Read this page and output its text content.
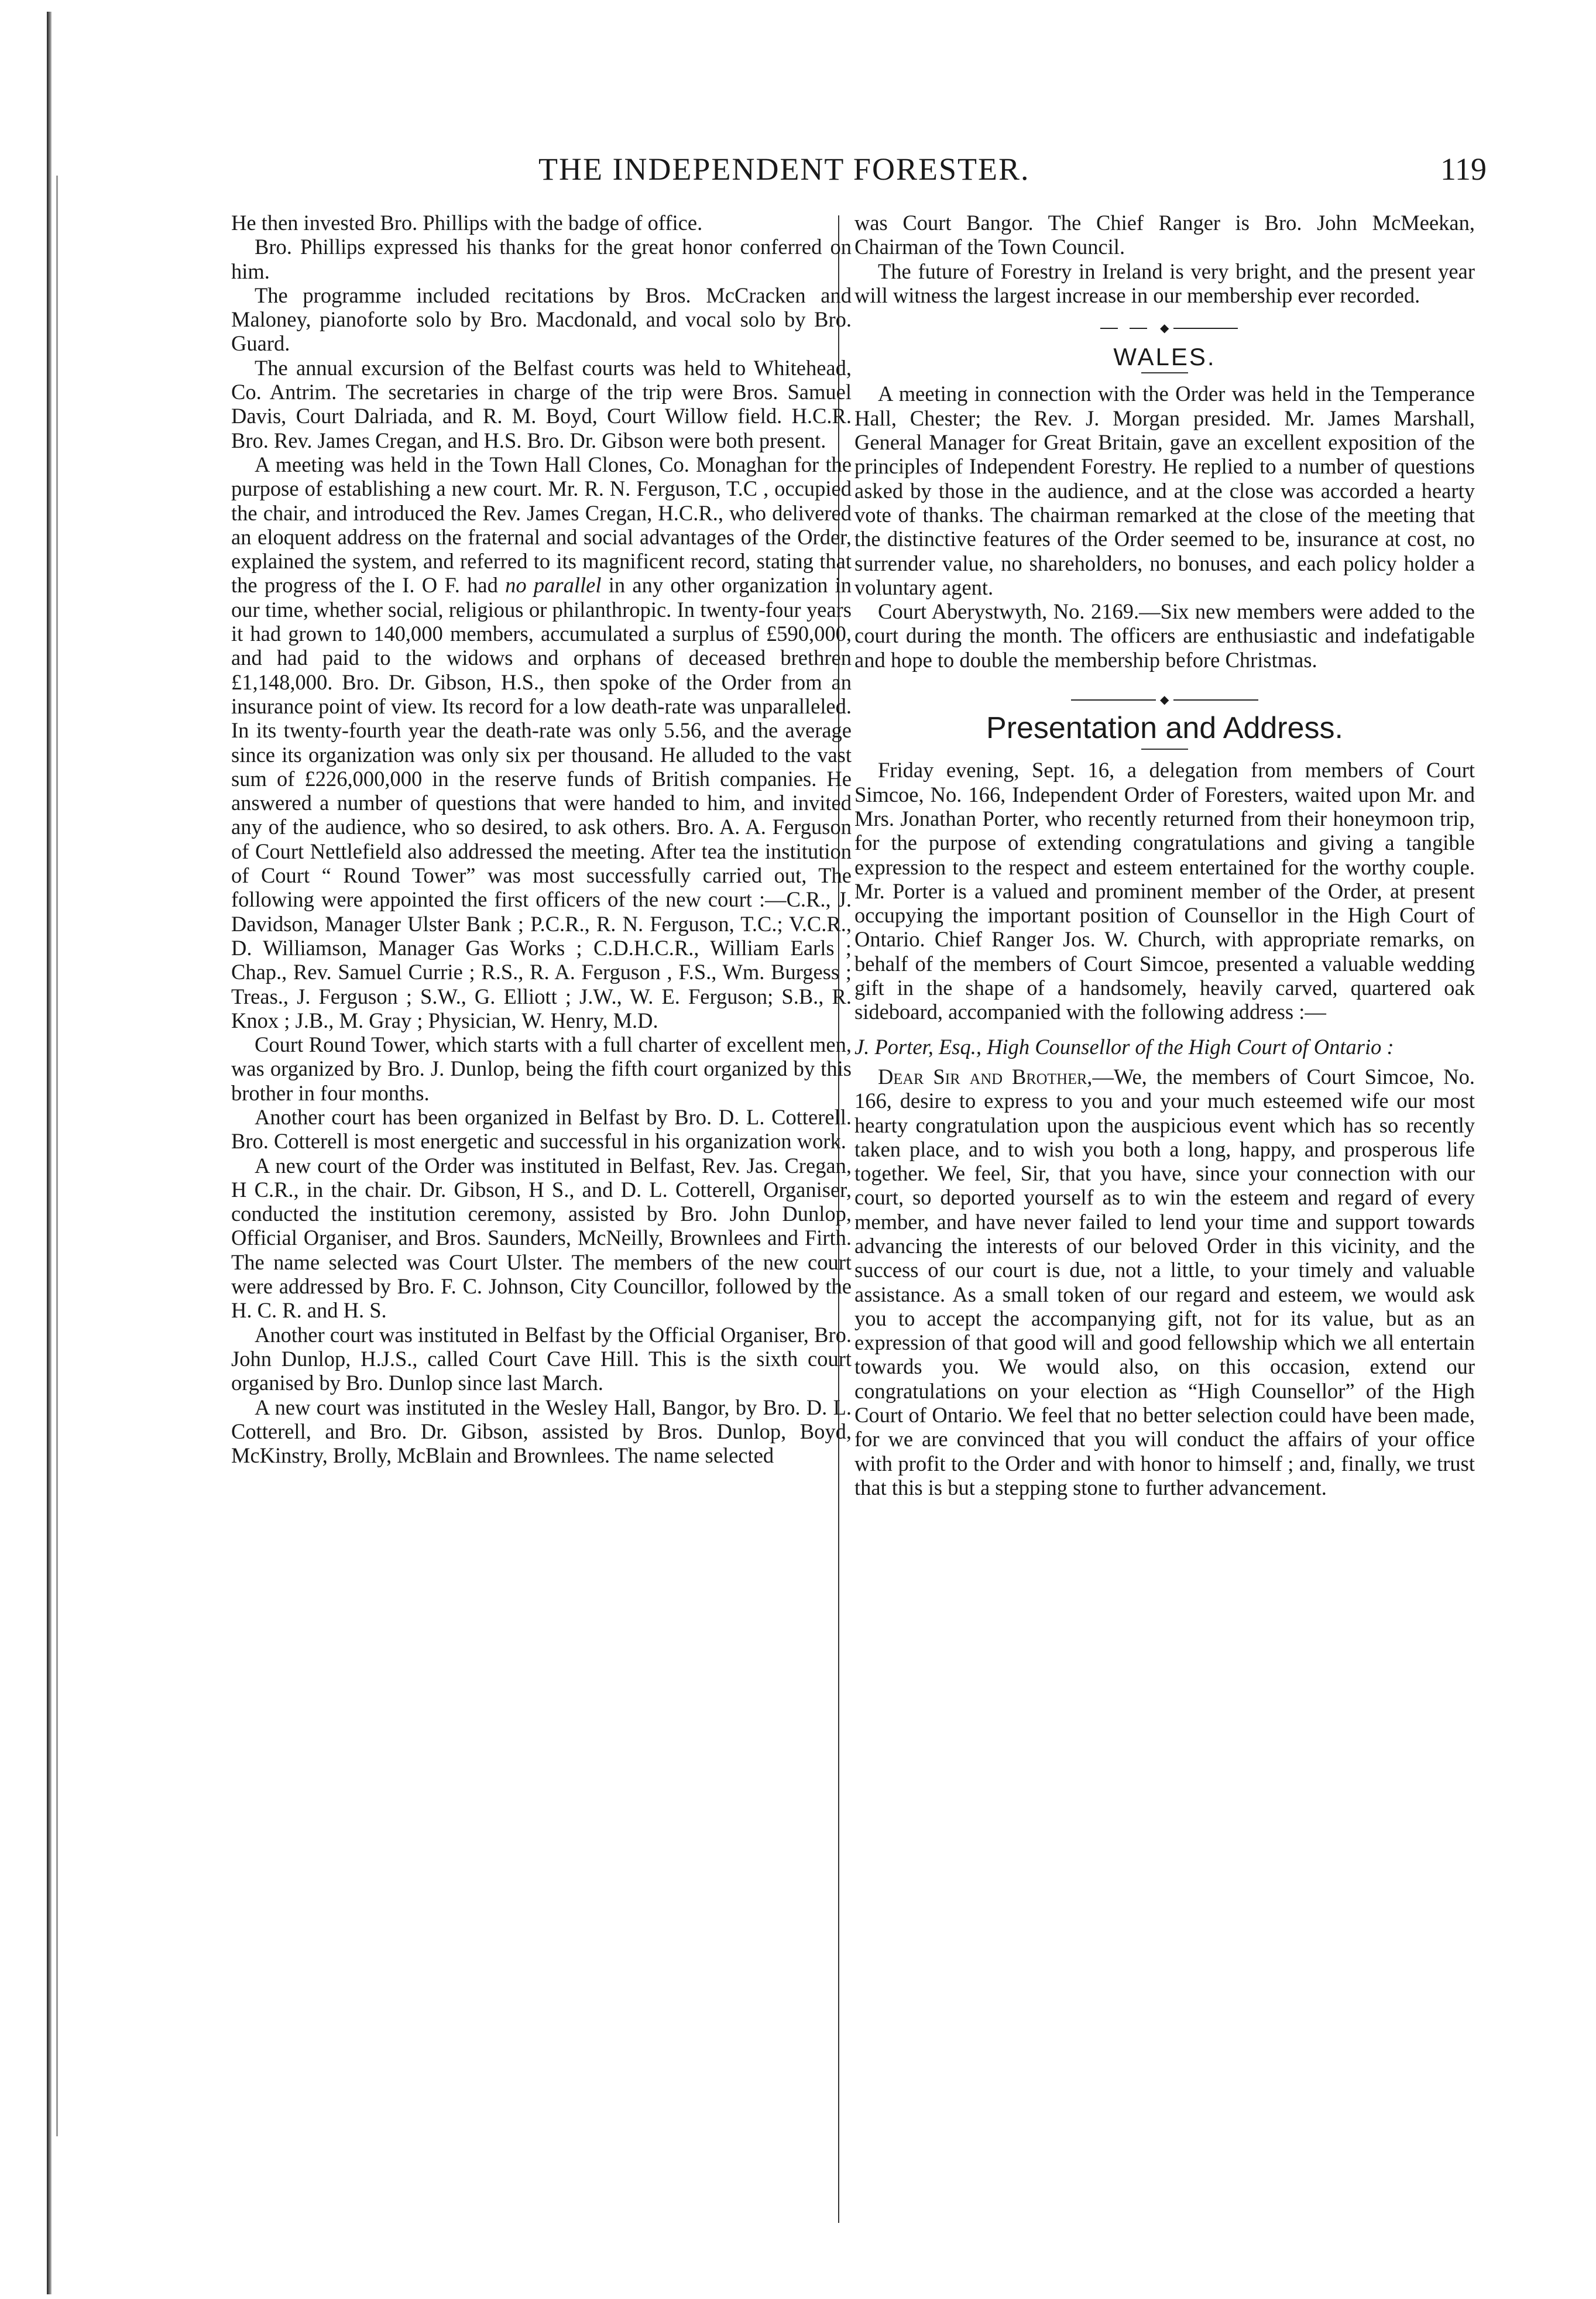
THE INDEPENDENT FORESTER.	119

He then invested Bro. Phillips with the badge of office.

Bro. Phillips expressed his thanks for the great honor conferred on him.

The programme included recitations by Bros. McCracken and Maloney, pianoforte solo by Bro. Macdonald, and vocal solo by Bro. Guard.

The annual excursion of the Belfast courts was held to Whitehead, Co. Antrim. The secretaries in charge of the trip were Bros. Samuel Davis, Court Dalriada, and R. M. Boyd, Court Willow field. H.C.R. Bro. Rev. James Cregan, and H.S. Bro. Dr. Gibson were both present.

A meeting was held in the Town Hall Clones, Co. Monaghan for the purpose of establishing a new court. Mr. R. N. Ferguson, T.C , occupied the chair, and introduced the Rev. James Cregan, H.C.R., who delivered an eloquent address on the fraternal and social advantages of the Order, explained the system, and referred to its magnificent record, stating that the progress of the I. O F. had no parallel in any other organization in our time, whether social, religious or philanthropic. In twenty-four years it had grown to 140,000 members, accumulated a surplus of £590,000, and had paid to the widows and orphans of deceased brethren £1,148,000. Bro. Dr. Gibson, H.S., then spoke of the Order from an insurance point of view. Its record for a low death-rate was unparalleled. In its twenty-fourth year the death-rate was only 5.56, and the average since its organization was only six per thousand. He alluded to the vast sum of £226,000,000 in the reserve funds of British companies. He answered a number of questions that were handed to him, and invited any of the audience, who so desired, to ask others. Bro. A. A. Ferguson of Court Nettlefield also addressed the meeting. After tea the institution of Court “ Round Tower” was most successfully carried out, The following were appointed the first officers of the new court :—C.R., J. Davidson, Manager Ulster Bank ; P.C.R., R. N. Ferguson, T.C.; V.C.R., D. Williamson, Manager Gas Works ; C.D.H.C.R., William Earls ; Chap., Rev. Samuel Currie ; R.S., R. A. Ferguson , F.S., Wm. Burgess ; Treas., J. Ferguson ; S.W., G. Elliott ; J.W., W. E. Ferguson; S.B., R. Knox ; J.B., M. Gray ; Physician, W. Henry, M.D.

Court Round Tower, which starts with a full charter of excellent men, was organized by Bro. J. Dunlop, being the fifth court organized by this brother in four months.

Another court has been organized in Belfast by Bro. D. L. Cotterell. Bro. Cotterell is most energetic and successful in his organization work.

A new court of the Order was instituted in Belfast, Rev. Jas. Cregan, H C.R., in the chair. Dr. Gibson, H S., and D. L. Cotterell, Organiser, conducted the institution ceremony, assisted by Bro. John Dunlop, Official Organiser, and Bros. Saunders, McNeilly, Brownlees and Firth. The name selected was Court Ulster. The members of the new court were addressed by Bro. F. C. Johnson, City Councillor, followed by the H. C. R. and H. S.

Another court was instituted in Belfast by the Official Organiser, Bro. John Dunlop, H.J.S., called Court Cave Hill. This is the sixth court organised by Bro. Dunlop since last March.

A new court was instituted in the Wesley Hall, Bangor, by Bro. D. L. Cotterell, and Bro. Dr. Gibson, assisted by Bros. Dunlop, Boyd, McKinstry, Brolly, McBlain and Brownlees. The name selected

was Court Bangor. The Chief Ranger is Bro. John McMeekan, Chairman of the Town Council.

The future of Forestry in Ireland is very bright, and the present year will witness the largest increase in our membership ever recorded.

◆
WALES.

A meeting in connection with the Order was held in the Temperance Hall, Chester; the Rev. J. Morgan presided. Mr. James Marshall, General Manager for Great Britain, gave an excellent exposition of the principles of Independent Forestry. He replied to a number of questions asked by those in the audience, and at the close was accorded a hearty vote of thanks. The chairman remarked at the close of the meeting that the distinctive features of the Order seemed to be, insurance at cost, no surrender value, no shareholders, no bonuses, and each policy holder a voluntary agent.

Court Aberystwyth, No. 2169.—Six new members were added to the court during the month. The officers are enthusiastic and indefatigable and hope to double the membership before Christmas.

◆
Presentation and Address.

Friday evening, Sept. 16, a delegation from members of Court Simcoe, No. 166, Independent Order of Foresters, waited upon Mr. and Mrs. Jonathan Porter, who recently returned from their honeymoon trip, for the purpose of extending congratulations and giving a tangible expression to the respect and esteem entertained for the worthy couple. Mr. Porter is a valued and prominent member of the Order, at present occupying the important position of Counsellor in the High Court of Ontario. Chief Ranger Jos. W. Church, with appropriate remarks, on behalf of the members of Court Simcoe, presented a valuable wedding gift in the shape of a handsomely, heavily carved, quartered oak sideboard, accompanied with the following address :—

J. Porter, Esq., High Counsellor of the High Court of Ontario :

Dear Sir and Brother,—We, the members of Court Simcoe, No. 166, desire to express to you and your much esteemed wife our most hearty congratulation upon the auspicious event which has so recently taken place, and to wish you both a long, happy, and prosperous life together. We feel, Sir, that you have, since your connection with our court, so deported yourself as to win the esteem and regard of every member, and have never failed to lend your time and support towards advancing the interests of our beloved Order in this vicinity, and the success of our court is due, not a little, to your timely and valuable assistance. As a small token of our regard and esteem, we would ask you to accept the accompanying gift, not for its value, but as an expression of that good will and good fellowship which we all entertain towards you. We would also, on this occasion, extend our congratulations on your election as “High Counsellor” of the High Court of Ontario. We feel that no better selection could have been made, for we are convinced that you will conduct the affairs of your office with profit to the Order and with honor to himself ; and, finally, we trust that this is but a stepping stone to further advancement.
